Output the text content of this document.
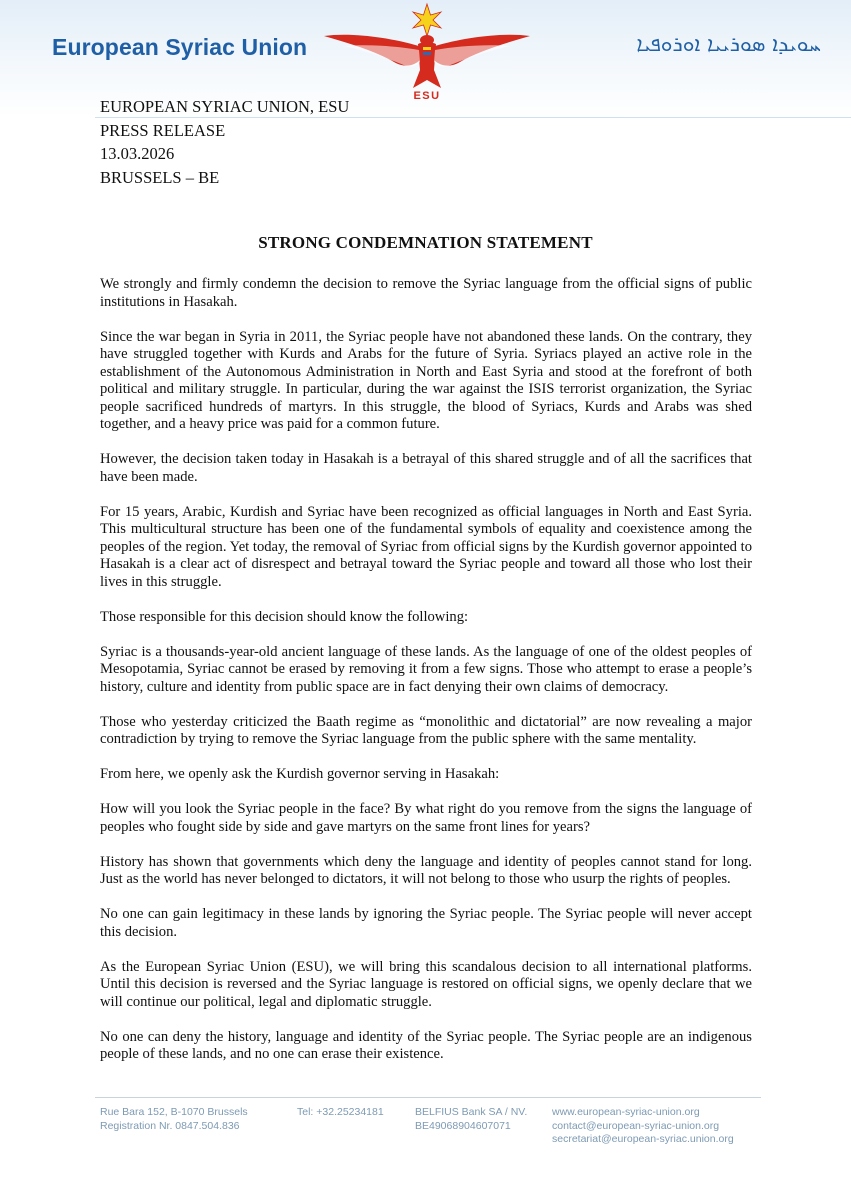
European Syriac Union
ESU
ܚܘܝܕܐ ܣܘܪܝܝܐ ܐܘܪܘܦܝܐ
EUROPEAN SYRIAC UNION, ESU
PRESS RELEASE
13.03.2026
BRUSSELS – BE
STRONG CONDEMNATION STATEMENT

We strongly and firmly condemn the decision to remove the Syriac language from the official signs of public institutions in Hasakah.

Since the war began in Syria in 2011, the Syriac people have not abandoned these lands. On the contrary, they have struggled together with Kurds and Arabs for the future of Syria. Syriacs played an active role in the establishment of the Autonomous Administration in North and East Syria and stood at the forefront of both political and military struggle. In particular, during the war against the ISIS terrorist organization, the Syriac people sacrificed hundreds of martyrs. In this struggle, the blood of Syriacs, Kurds and Arabs was shed together, and a heavy price was paid for a common future.

However, the decision taken today in Hasakah is a betrayal of this shared struggle and of all the sacrifices that have been made.

For 15 years, Arabic, Kurdish and Syriac have been recognized as official languages in North and East Syria. This multicultural structure has been one of the fundamental symbols of equality and coexistence among the peoples of the region. Yet today, the removal of Syriac from official signs by the Kurdish governor appointed to Hasakah is a clear act of disrespect and betrayal toward the Syriac people and toward all those who lost their lives in this struggle.

Those responsible for this decision should know the following:

Syriac is a thousands-year-old ancient language of these lands. As the language of one of the oldest peoples of Mesopotamia, Syriac cannot be erased by removing it from a few signs. Those who attempt to erase a people’s history, culture and identity from public space are in fact denying their own claims of democracy.

Those who yesterday criticized the Baath regime as “monolithic and dictatorial” are now revealing a major contradiction by trying to remove the Syriac language from the public sphere with the same mentality.

From here, we openly ask the Kurdish governor serving in Hasakah:

How will you look the Syriac people in the face? By what right do you remove from the signs the language of peoples who fought side by side and gave martyrs on the same front lines for years?

History has shown that governments which deny the language and identity of peoples cannot stand for long. Just as the world has never belonged to dictators, it will not belong to those who usurp the rights of peoples.

No one can gain legitimacy in these lands by ignoring the Syriac people. The Syriac people will never accept this decision.

As the European Syriac Union (ESU), we will bring this scandalous decision to all international platforms. Until this decision is reversed and the Syriac language is restored on official signs, we openly declare that we will continue our political, legal and diplomatic struggle.

No one can deny the history, language and identity of the Syriac people. The Syriac people are an indigenous people of these lands, and no one can erase their existence.

Rue Bara 152, B-1070 Brussels
Registration Nr. 0847.504.836
Tel: +32.25234181	BELFIUS Bank SA / NV.
BE49068904607071
www.european-syriac-union.org
contact@european-syriac-union.org
secretariat@european-syriac.union.org
